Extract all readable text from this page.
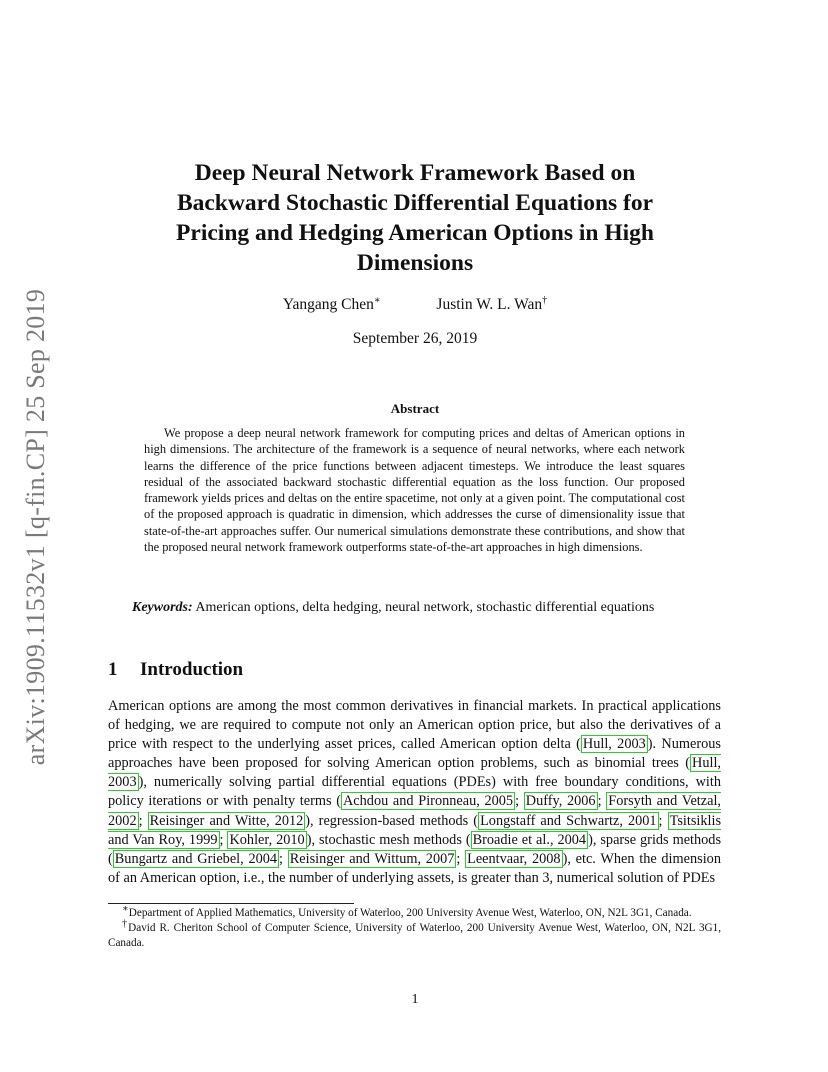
arXiv:1909.11532v1 [q-fin.CP] 25 Sep 2019
Deep Neural Network Framework Based on
Backward Stochastic Differential Equations for
Pricing and Hedging American Options in High
Dimensions
Yangang Chen∗	Justin W. L. Wan†
September 26, 2019
Abstract
We propose a deep neural network framework for computing prices and deltas of American options in high dimensions. The architecture of the framework is a sequence of neural networks, where each network learns the difference of the price functions between adjacent timesteps. We introduce the least squares residual of the associated backward stochastic differential equation as the loss function. Our proposed framework yields prices and deltas on the entire spacetime, not only at a given point. The computational cost of the proposed approach is quadratic in dimension, which addresses the curse of dimensionality issue that state-of-the-art approaches suffer. Our numerical simulations demonstrate these contributions, and show that the proposed neural network framework outperforms state-of-the-art approaches in high dimensions.
Keywords: American options, delta hedging, neural network, stochastic differential equations
1 Introduction
American options are among the most common derivatives in financial markets. In practical applications of hedging, we are required to compute not only an American option price, but also the derivatives of a price with respect to the underlying asset prices, called American option delta ( Hull, 2003 ). Numerous approaches have been proposed for solving American option problems, such as binomial trees ( Hull, 2003 ), numerically solving partial differential equations (PDEs) with free boundary conditions, with policy iterations or with penalty terms ( Achdou and Pironneau, 2005 ; Duffy, 2006 ; Forsyth and Vetzal, 2002 ; Reisinger and Witte, 2012 ), regression-based methods ( Longstaff and Schwartz, 2001 ; Tsitsiklis and Van Roy, 1999 ; Kohler, 2010 ), stochastic mesh methods ( Broadie et al., 2004 ), sparse grids methods ( Bungartz and Griebel, 2004 ; Reisinger and Wittum, 2007 ; Leentvaar, 2008 ), etc. When the dimension of an American option, i.e., the number of underlying assets, is greater than 3, numerical solution of PDEs

∗Department of Applied Mathematics, University of Waterloo, 200 University Avenue West, Waterloo, ON, N2L 3G1, Canada.

†David R. Cheriton School of Computer Science, University of Waterloo, 200 University Avenue West, Waterloo, ON, N2L 3G1, Canada.

1
